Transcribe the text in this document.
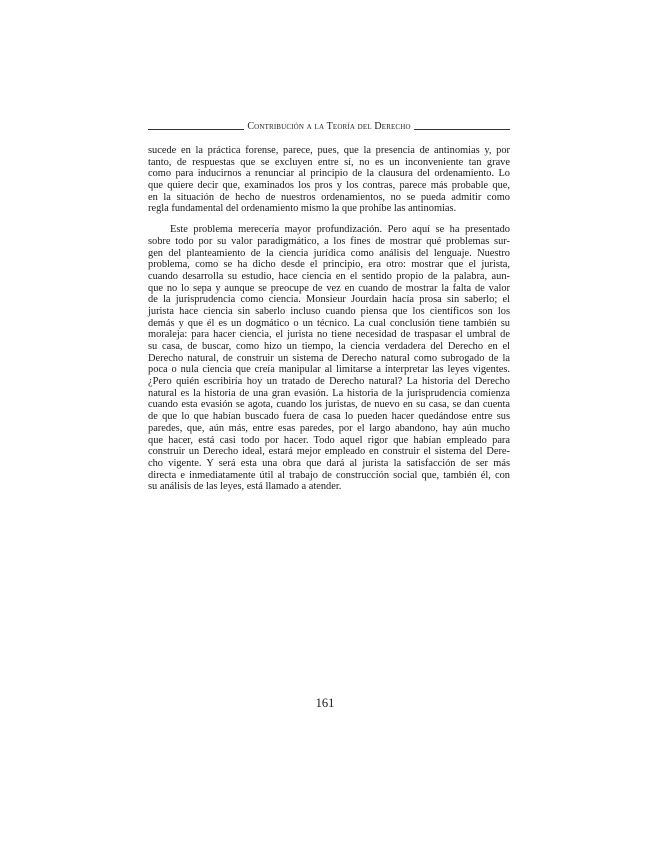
Contribución a la Teoría del Derecho
sucede en la práctica forense, parece, pues, que la presencia de antinomias y, por
tanto, de respuestas que se excluyen entre sí, no es un inconveniente tan grave
como para inducirnos a renunciar al principio de la clausura del ordenamiento. Lo
que quiere decir que, examinados los pros y los contras, parece más probable que,
en la situación de hecho de nuestros ordenamientos, no se pueda admitir como
regla fundamental del ordenamiento mismo la que prohíbe las antinomias.
Este problema merecería mayor profundización. Pero aquí se ha presentado
sobre todo por su valor paradigmático, a los fines de mostrar qué problemas sur-
gen del planteamiento de la ciencia jurídica como análisis del lenguaje. Nuestro
problema, como se ha dicho desde el principio, era otro: mostrar que el jurista,
cuando desarrolla su estudio, hace ciencia en el sentido propio de la palabra, aun-
que no lo sepa y aunque se preocupe de vez en cuando de mostrar la falta de valor
de la jurisprudencia como ciencia. Monsieur Jourdain hacía prosa sin saberlo; el
jurista hace ciencia sin saberlo incluso cuando piensa que los científicos son los
demás y que él es un dogmático o un técnico. La cual conclusión tiene también su
moraleja: para hacer ciencia, el jurista no tiene necesidad de traspasar el umbral de
su casa, de buscar, como hizo un tiempo, la ciencia verdadera del Derecho en el
Derecho natural, de construir un sistema de Derecho natural como subrogado de la
poca o nula ciencia que creía manipular al limitarse a interpretar las leyes vigentes.
¿Pero quién escribiría hoy un tratado de Derecho natural? La historia del Derecho
natural es la historia de una gran evasión. La historia de la jurisprudencia comienza
cuando esta evasión se agota, cuando los juristas, de nuevo en su casa, se dan cuenta
de que lo que habían buscado fuera de casa lo pueden hacer quedándose entre sus
paredes, que, aún más, entre esas paredes, por el largo abandono, hay aún mucho
que hacer, está casi todo por hacer. Todo aquel rigor que habían empleado para
construir un Derecho ideal, estará mejor empleado en construir el sistema del Dere-
cho vigente. Y será esta una obra que dará al jurista la satisfacción de ser más
directa e inmediatamente útil al trabajo de construcción social que, también él, con
su análisis de las leyes, está llamado a atender.
161
